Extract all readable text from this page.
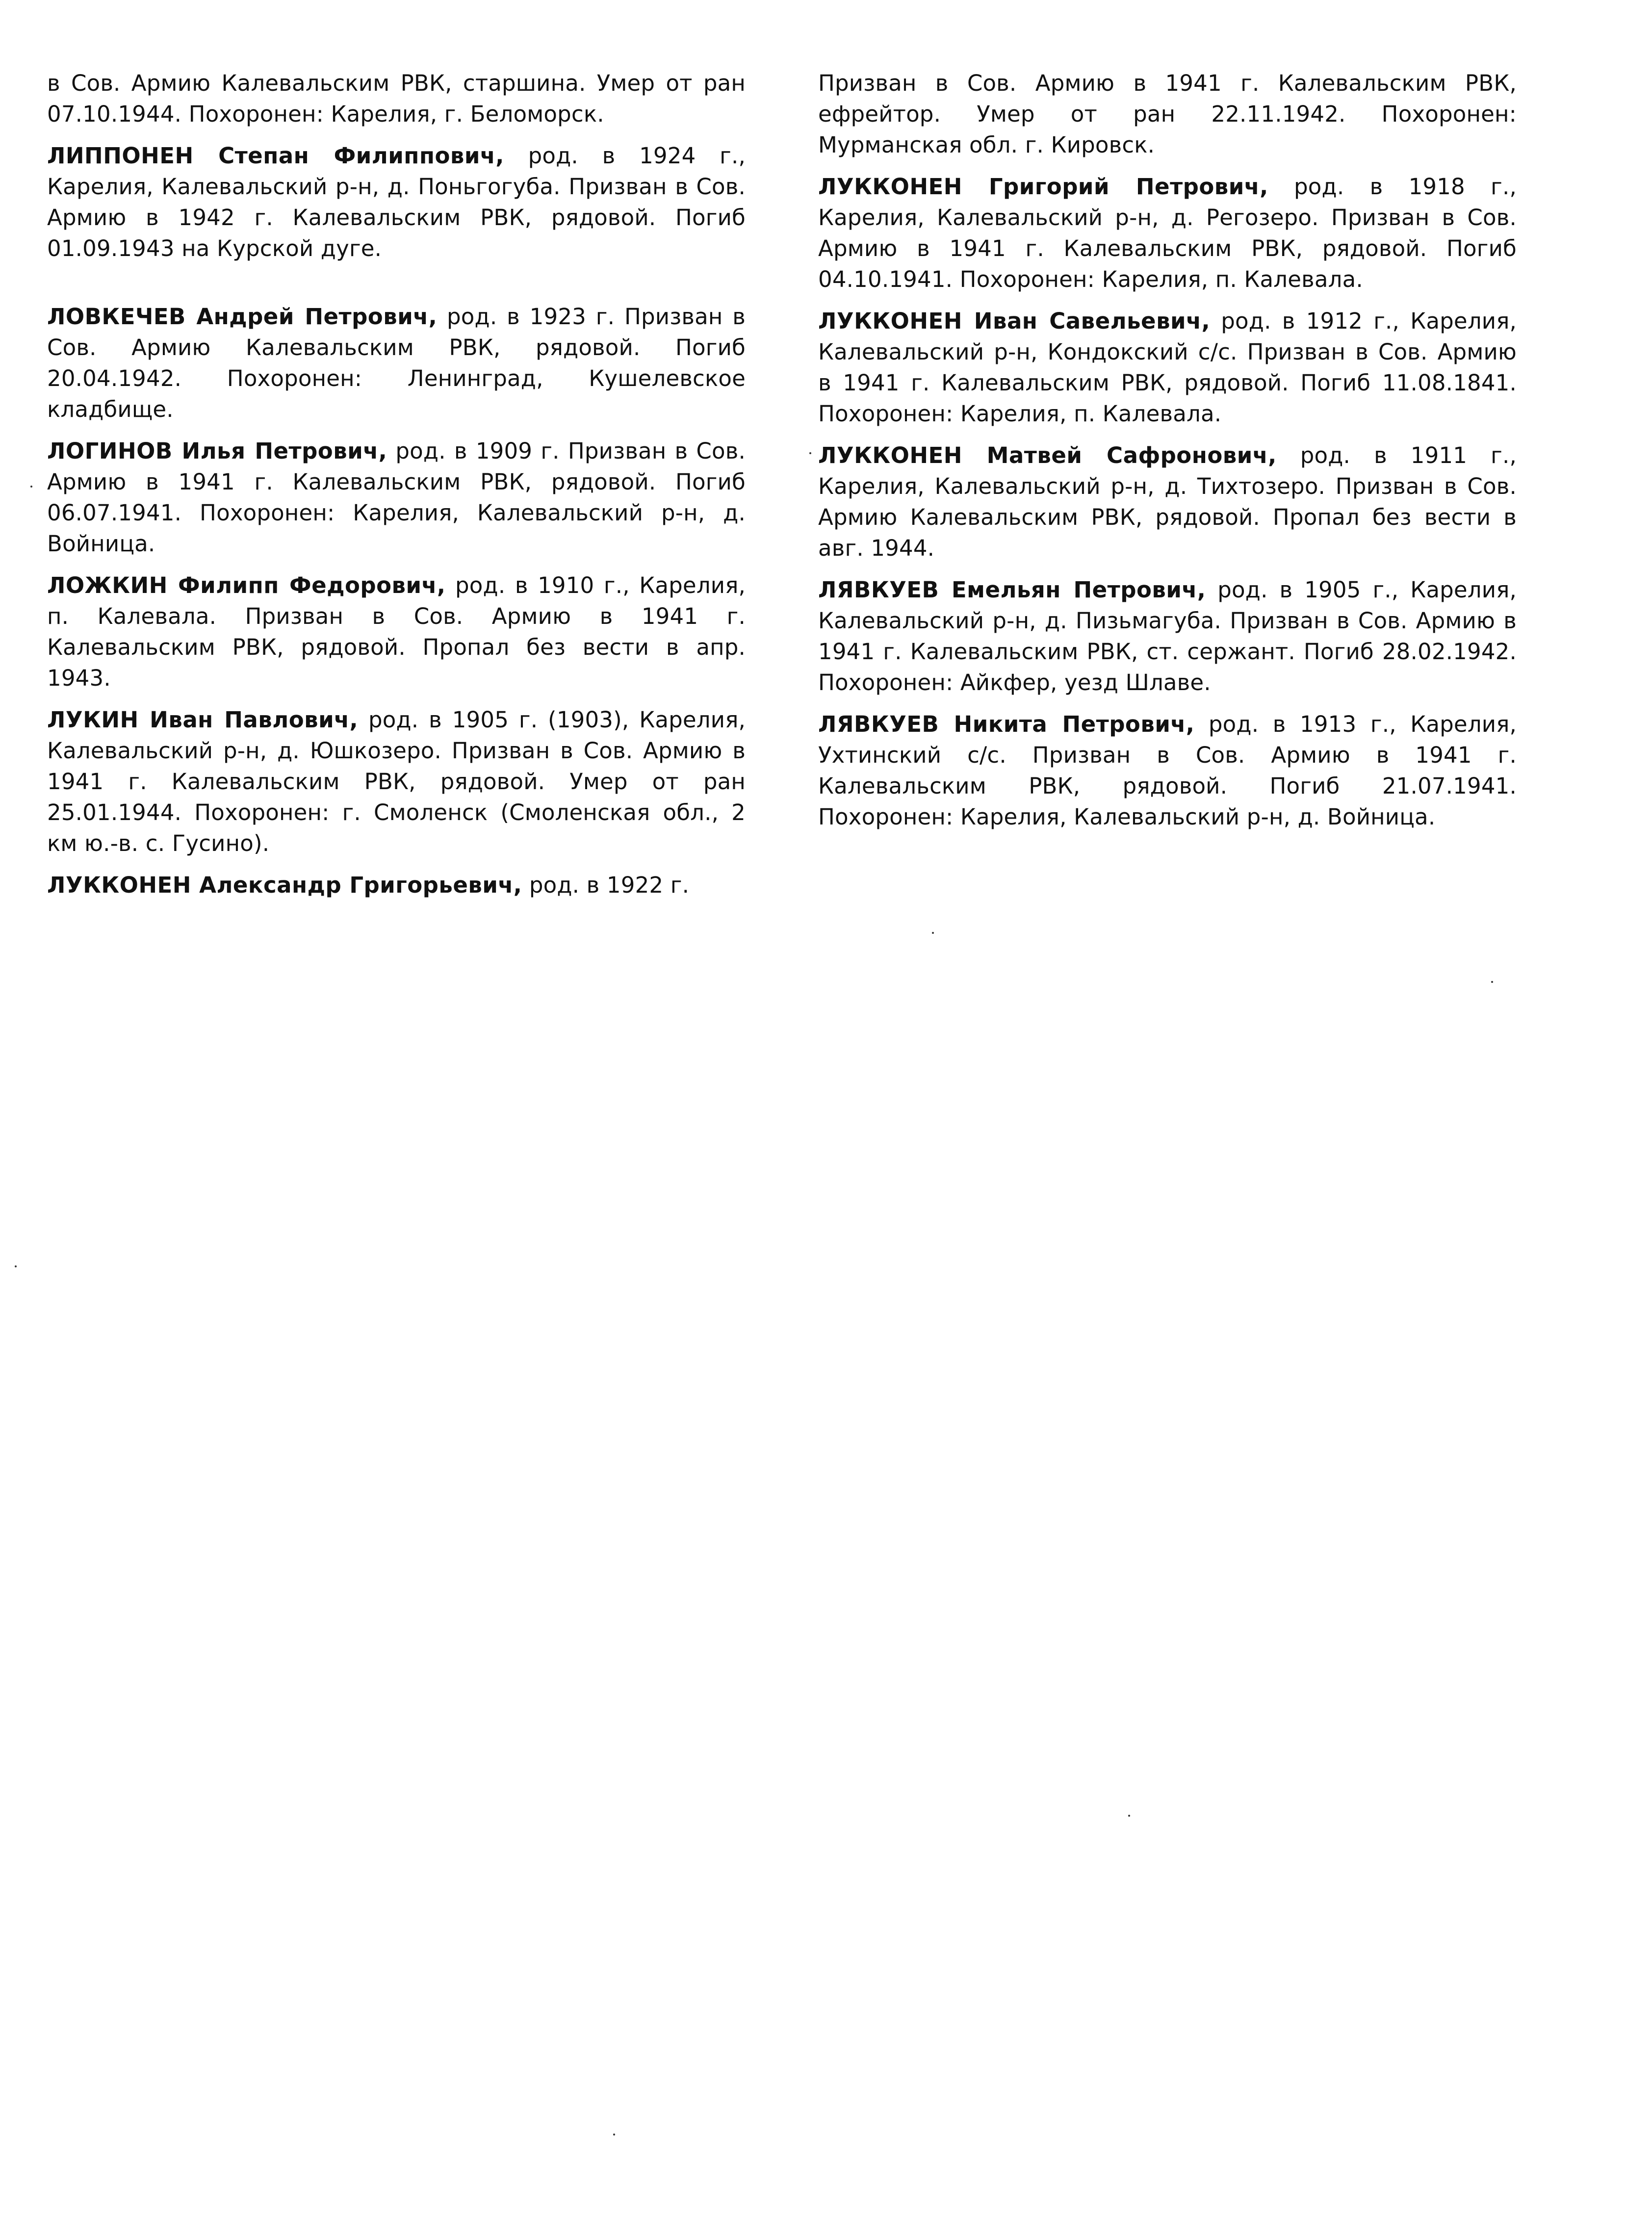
в Сов. Армию Калевальским РВК, старшина. Умер от ран 07.10.1944. Похоронен: Карелия, г. Беломорск.

ЛИППОНЕН Степан Филиппович, род. в 1924 г., Карелия, Калевальский р-н, д. Поньгогуба. Призван в Сов. Армию в 1942 г. Калевальским РВК, рядовой. Погиб 01.09.1943 на Курской дуге.

ЛОВКЕЧЕВ Андрей Петрович, род. в 1923 г. Призван в Сов. Армию Калевальским РВК, рядовой. Погиб 20.04.1942. Похоронен: Ленинград, Кушелевское кладбище.

ЛОГИНОВ Илья Петрович, род. в 1909 г. Призван в Сов. Армию в 1941 г. Калевальским РВК, рядовой. Погиб 06.07.1941. Похоронен: Карелия, Калевальский р-н, д. Войница.

ЛОЖКИН Филипп Федорович, род. в 1910 г., Карелия, п. Калевала. Призван в Сов. Армию в 1941 г. Калевальским РВК, рядовой. Пропал без вести в апр. 1943.

ЛУКИН Иван Павлович, род. в 1905 г. (1903), Карелия, Калевальский р-н, д. Юшкозеро. Призван в Сов. Армию в 1941 г. Калевальским РВК, рядовой. Умер от ран 25.01.1944. Похоронен: г. Смоленск (Смоленская обл., 2 км ю.-в. с. Гусино).

ЛУККОНЕН Александр Григорьевич, род. в 1922 г.

Призван в Сов. Армию в 1941 г. Калевальским РВК, ефрейтор. Умер от ран 22.11.1942. Похоронен: Мурманская обл. г. Кировск.

ЛУККОНЕН Григорий Петрович, род. в 1918 г., Карелия, Калевальский р-н, д. Регозеро. Призван в Сов. Армию в 1941 г. Калевальским РВК, рядовой. Погиб 04.10.1941. Похоронен: Карелия, п. Калевала.

ЛУККОНЕН Иван Савельевич, род. в 1912 г., Карелия, Калевальский р-н, Кондокский с/с. Призван в Сов. Армию в 1941 г. Калевальским РВК, рядовой. Погиб 11.08.1841. Похоронен: Карелия, п. Калевала.

ЛУККОНЕН Матвей Сафронович, род. в 1911 г., Карелия, Калевальский р-н, д. Тихтозеро. Призван в Сов. Армию Калевальским РВК, рядовой. Пропал без вести в авг. 1944.

ЛЯВКУЕВ Емельян Петрович, род. в 1905 г., Карелия, Калевальский р-н, д. Пизьмагуба. Призван в Сов. Армию в 1941 г. Калевальским РВК, ст. сержант. Погиб 28.02.1942. Похоронен: Айкфер, уезд Шлаве.

ЛЯВКУЕВ Никита Петрович, род. в 1913 г., Карелия, Ухтинский с/с. Призван в Сов. Армию в 1941 г. Калевальским РВК, рядовой. Погиб 21.07.1941. Похоронен: Карелия, Калевальский р-н, д. Войница.
